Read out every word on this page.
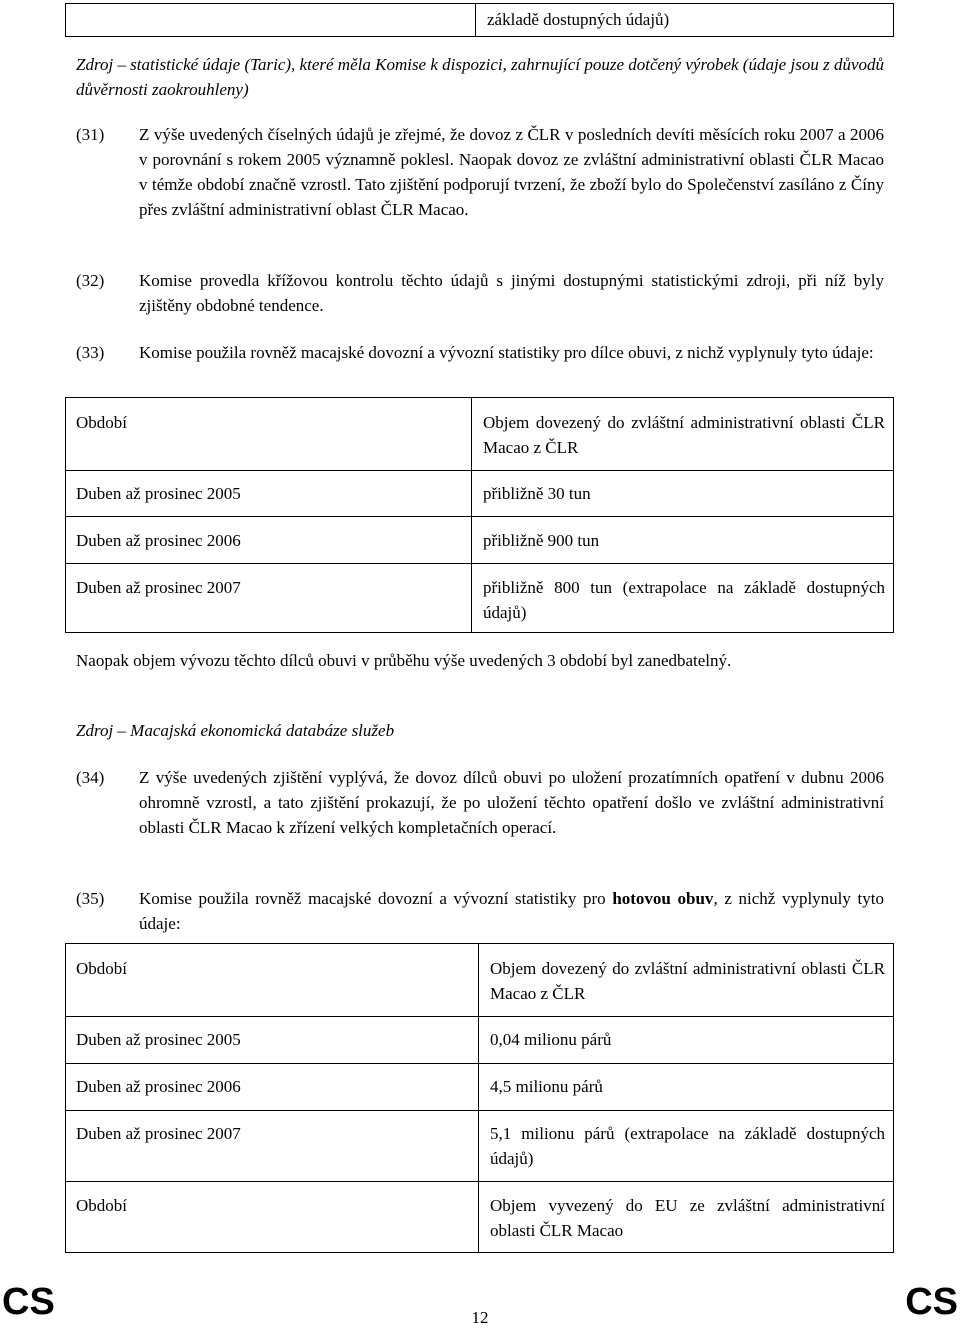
základě dostupných údajů)
Zdroj – statistické údaje (Taric), které měla Komise k dispozici, zahrnující pouze dotčený výrobek (údaje jsou z důvodů důvěrnosti zaokrouhleny)
(31) Z výše uvedených číselných údajů je zřejmé, že dovoz z ČLR v posledních devíti měsících roku 2007 a 2006 v porovnání s rokem 2005 významně poklesl. Naopak dovoz ze zvláštní administrativní oblasti ČLR Macao v témže období značně vzrostl. Tato zjištění podporují tvrzení, že zboží bylo do Společenství zasíláno z Číny přes zvláštní administrativní oblast ČLR Macao.
(32) Komise provedla křížovou kontrolu těchto údajů s jinými dostupnými statistickými zdroji, při níž byly zjištěny obdobné tendence.
(33) Komise použila rovněž macajské dovozní a vývozní statistiky pro dílce obuvi, z nichž vyplynuly tyto údaje:
Období	Objem dovezený do zvláštní administrativní oblasti ČLR Macao z ČLR
Duben až prosinec 2005	přibližně 30 tun
Duben až prosinec 2006	přibližně 900 tun
Duben až prosinec 2007	přibližně 800 tun (extrapolace na základě dostupných údajů)
Naopak objem vývozu těchto dílců obuvi v průběhu výše uvedených 3 období byl zanedbatelný.
Zdroj – Macajská ekonomická databáze služeb
(34) Z výše uvedených zjištění vyplývá, že dovoz dílců obuvi po uložení prozatímních opatření v dubnu 2006 ohromně vzrostl, a tato zjištění prokazují, že po uložení těchto opatření došlo ve zvláštní administrativní oblasti ČLR Macao k zřízení velkých kompletačních operací.
(35) Komise použila rovněž macajské dovozní a vývozní statistiky pro hotovou obuv, z nichž vyplynuly tyto údaje:
Období	Objem dovezený do zvláštní administrativní oblasti ČLR Macao z ČLR
Duben až prosinec 2005	0,04 milionu párů
Duben až prosinec 2006	4,5 milionu párů
Duben až prosinec 2007	5,1 milionu párů (extrapolace na základě dostupných údajů)
Období	Objem vyvezený do EU ze zvláštní administrativní oblasti ČLR Macao
CS	12	CS
